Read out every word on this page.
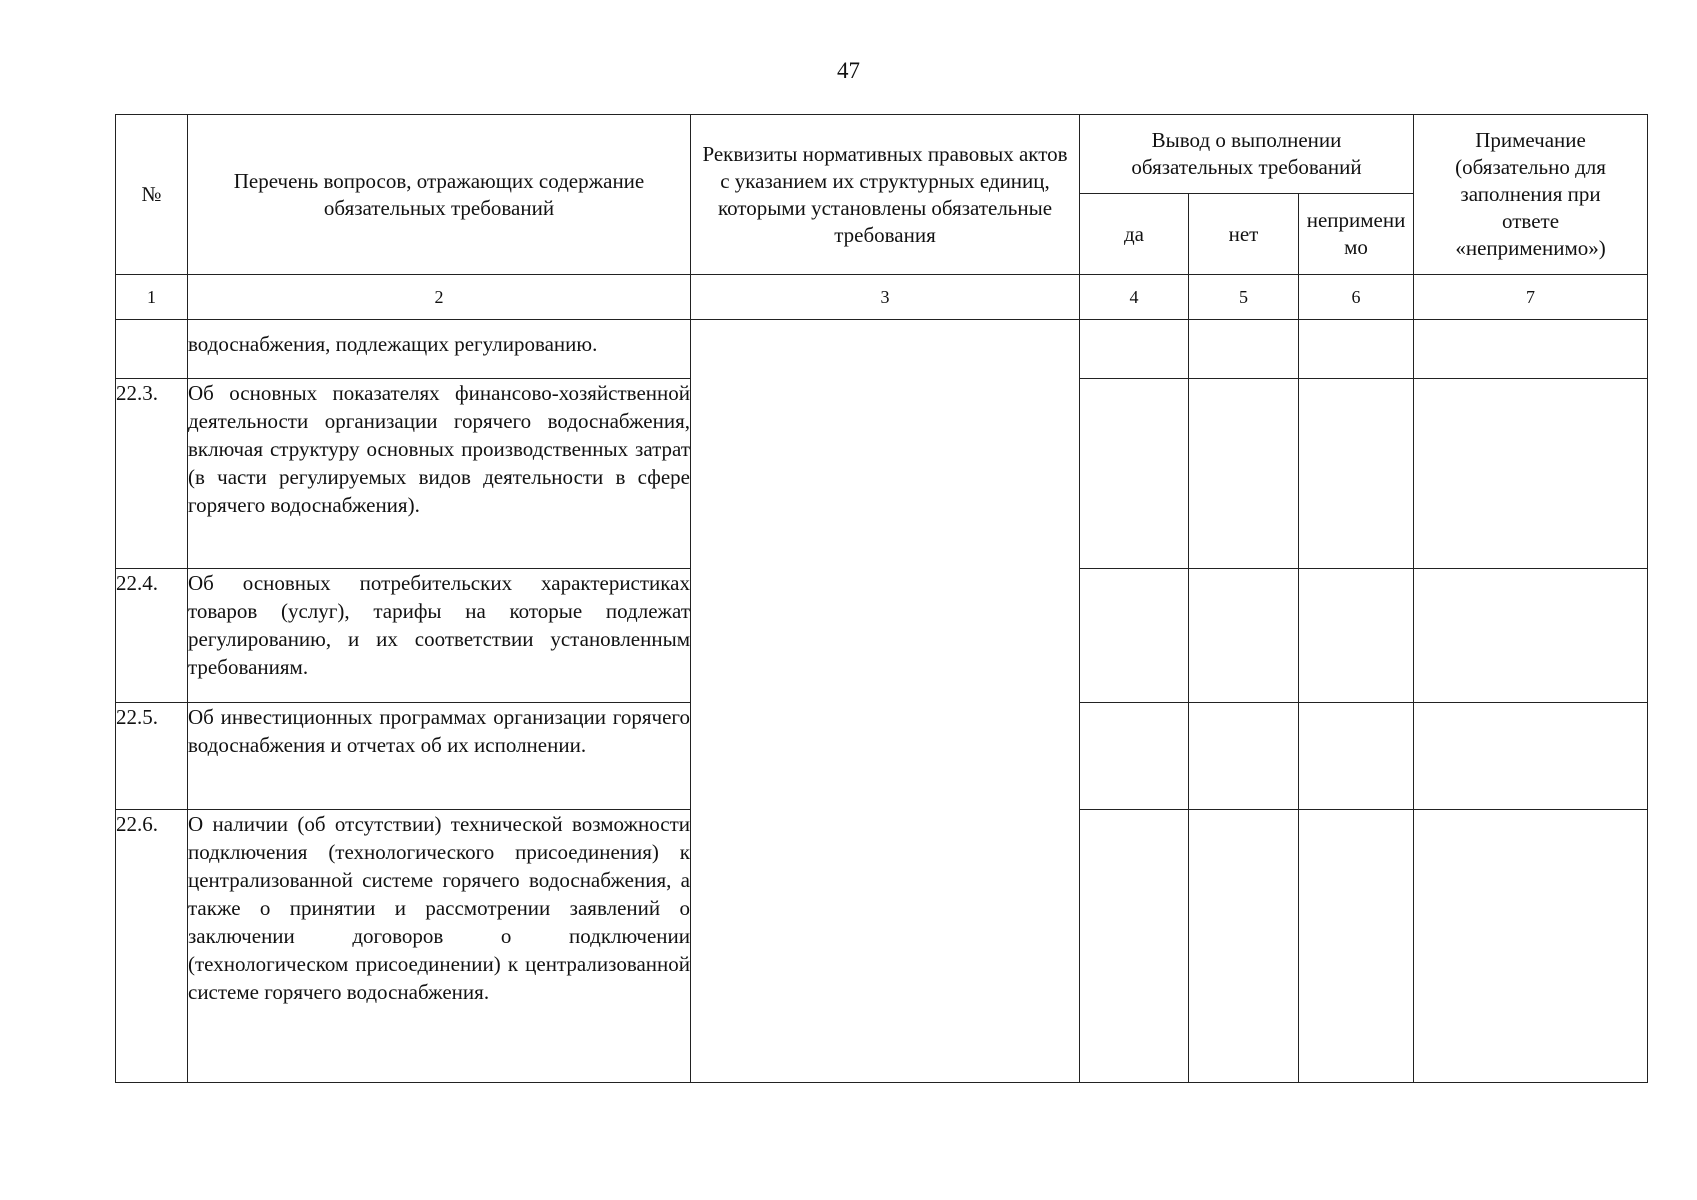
47
№	Перечень вопросов, отражающих содержание обязательных требований	Реквизиты нормативных правовых актов с указанием их структурных единиц, которыми установлены обязательные требования	Вывод о выполнении обязательных требований			Примечание (обязательно для заполнения при ответе «неприменимо»)
			да	нет	неприменимо	
1	2	3	4	5	6	7
	водоснабжения, подлежащих регулированию.					
22.3.	Об основных показателях финансово-хозяйственной деятельности организации горячего водоснабжения, включая структуру основных производственных затрат (в части регулируемых видов деятельности в сфере горячего водоснабжения).					
22.4.	Об основных потребительских характеристиках товаров (услуг), тарифы на которые подлежат регулированию, и их соответствии установленным требованиям.					
22.5.	Об инвестиционных программах организации горячего водоснабжения и отчетах об их исполнении.					
22.6.	О наличии (об отсутствии) технической возможности подключения (технологического присоединения) к централизованной системе горячего водоснабжения, а также о принятии и рассмотрении заявлений о заключении договоров о подключении (технологическом присоединении) к централизованной системе горячего водоснабжения.					
